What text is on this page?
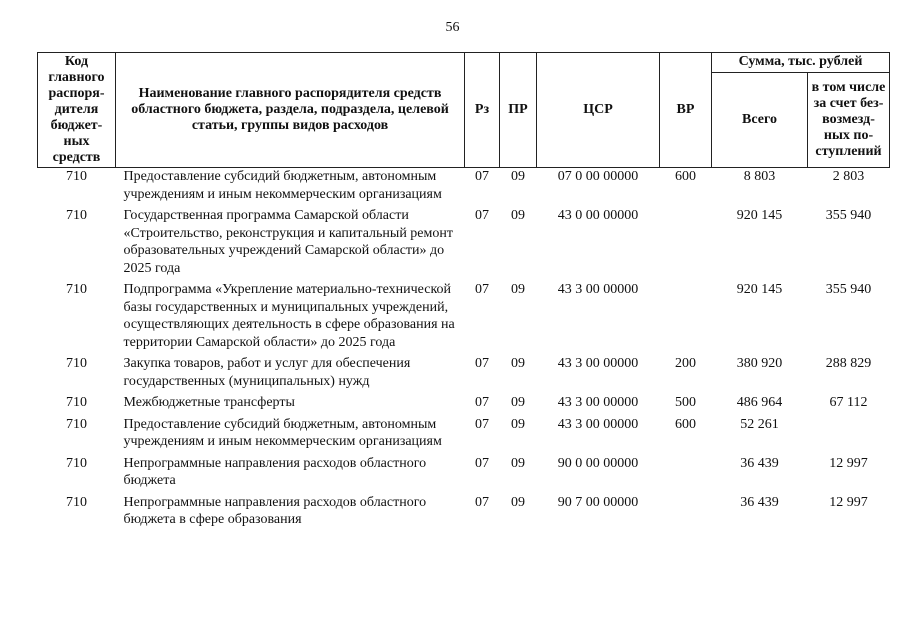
56
Код главного распоря-дителя бюджет-ных средств	Наименование главного распорядителя средств областного бюджета, раздела, подраздела, целевой статьи, группы видов расходов	Рз	ПР	ЦСР	ВР	Сумма, тыс. рублей	
						Всего	в том числе за счет без-возмезд-ных по-ступлений
710	Предоставление субсидий бюджетным, автономным учреждениям и иным некоммерческим организациям	07	09	07 0 00 00000	600	8 803	2 803
710	Государственная программа Самарской области «Строительство, реконструкция и капитальный ремонт образовательных учреждений Самарской области» до 2025 года	07	09	43 0 00 00000		920 145	355 940
710	Подпрограмма «Укрепление материально-технической базы государственных и муниципальных учреждений, осуществляющих деятельность в сфере образования на территории Самарской области» до 2025 года	07	09	43 3 00 00000		920 145	355 940
710	Закупка товаров, работ и услуг для обеспечения государственных (муниципальных) нужд	07	09	43 3 00 00000	200	380 920	288 829
710	Межбюджетные трансферты	07	09	43 3 00 00000	500	486 964	67 112
710	Предоставление субсидий бюджетным, автономным учреждениям и иным некоммерческим организациям	07	09	43 3 00 00000	600	52 261	
710	Непрограммные направления расходов областного бюджета	07	09	90 0 00 00000		36 439	12 997
710	Непрограммные направления расходов областного бюджета в сфере образования	07	09	90 7 00 00000		36 439	12 997
